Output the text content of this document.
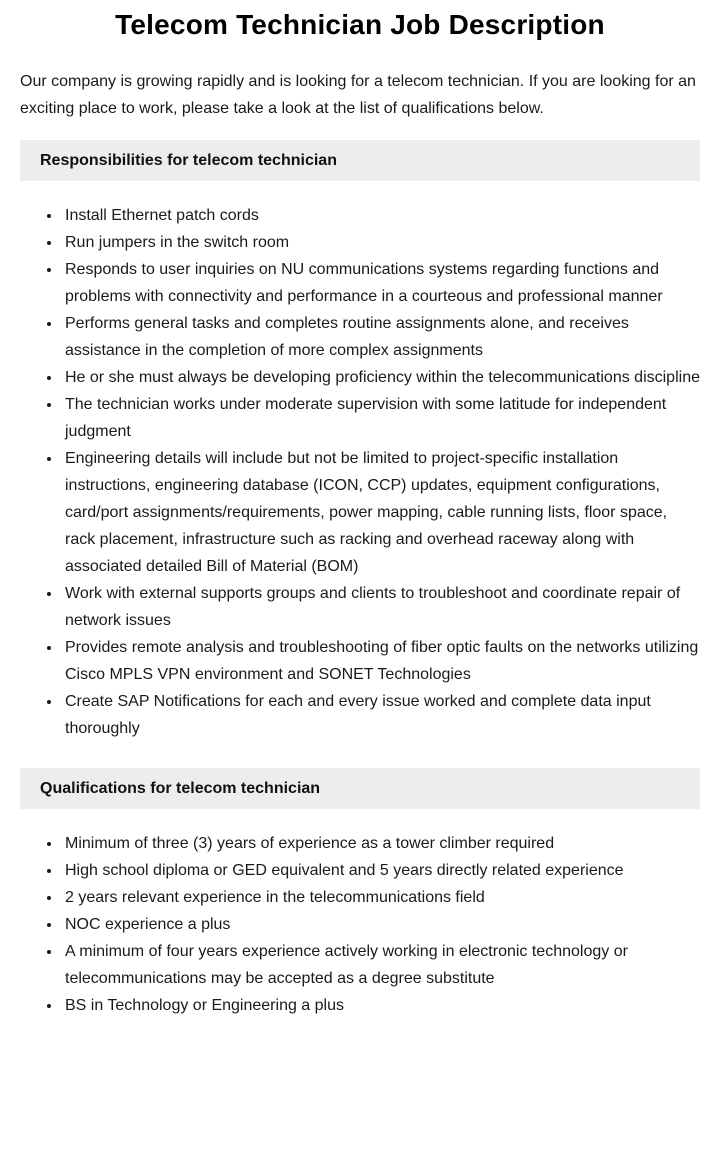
Telecom Technician Job Description

Our company is growing rapidly and is looking for a telecom technician. If you are looking for an exciting place to work, please take a look at the list of qualifications below.

Responsibilities for telecom technician
• Install Ethernet patch cords
• Run jumpers in the switch room
• Responds to user inquiries on NU communications systems regarding functions and problems with connectivity and performance in a courteous and professional manner
• Performs general tasks and completes routine assignments alone, and receives assistance in the completion of more complex assignments
• He or she must always be developing proficiency within the telecommunications discipline
• The technician works under moderate supervision with some latitude for independent judgment
• Engineering details will include but not be limited to project-specific installation instructions, engineering database (ICON, CCP) updates, equipment configurations, card/port assignments/requirements, power mapping, cable running lists, floor space, rack placement, infrastructure such as racking and overhead raceway along with associated detailed Bill of Material (BOM)
• Work with external supports groups and clients to troubleshoot and coordinate repair of network issues
• Provides remote analysis and troubleshooting of fiber optic faults on the networks utilizing Cisco MPLS VPN environment and SONET Technologies
• Create SAP Notifications for each and every issue worked and complete data input thoroughly
Qualifications for telecom technician
• Minimum of three (3) years of experience as a tower climber required
• High school diploma or GED equivalent and 5 years directly related experience
• 2 years relevant experience in the telecommunications field
• NOC experience a plus
• A minimum of four years experience actively working in electronic technology or telecommunications may be accepted as a degree substitute
• BS in Technology or Engineering a plus
